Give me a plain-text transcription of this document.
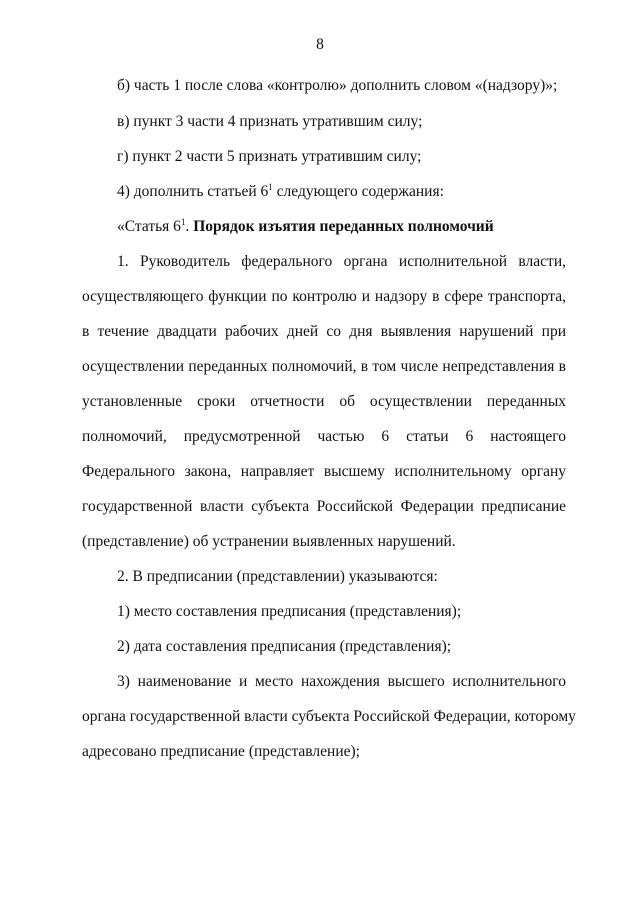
8
б) часть 1 после слова «контролю» дополнить словом «(надзору)»;
в) пункт 3 части 4 признать утратившим силу;
г) пункт 2 части 5 признать утратившим силу;
4) дополнить статьей $6^1$ следующего содержания:
«Статья $6^1$. Порядок изъятия переданных полномочий
1. Руководитель федерального органа исполнительной власти,
осуществляющего функции по контролю и надзору в сфере транспорта,
в течение двадцати рабочих дней со дня выявления нарушений при
осуществлении переданных полномочий, в том числе непредставления в
установленные сроки отчетности об осуществлении переданных
полномочий, предусмотренной частью 6 статьи 6 настоящего
Федерального закона, направляет высшему исполнительному органу
государственной власти субъекта Российской Федерации предписание
(представление) об устранении выявленных нарушений.
2. В предписании (представлении) указываются:
1) место составления предписания (представления);
2) дата составления предписания (представления);
3) наименование и место нахождения высшего исполнительного
органа государственной власти субъекта Российской Федерации, которому
адресовано предписание (представление);
